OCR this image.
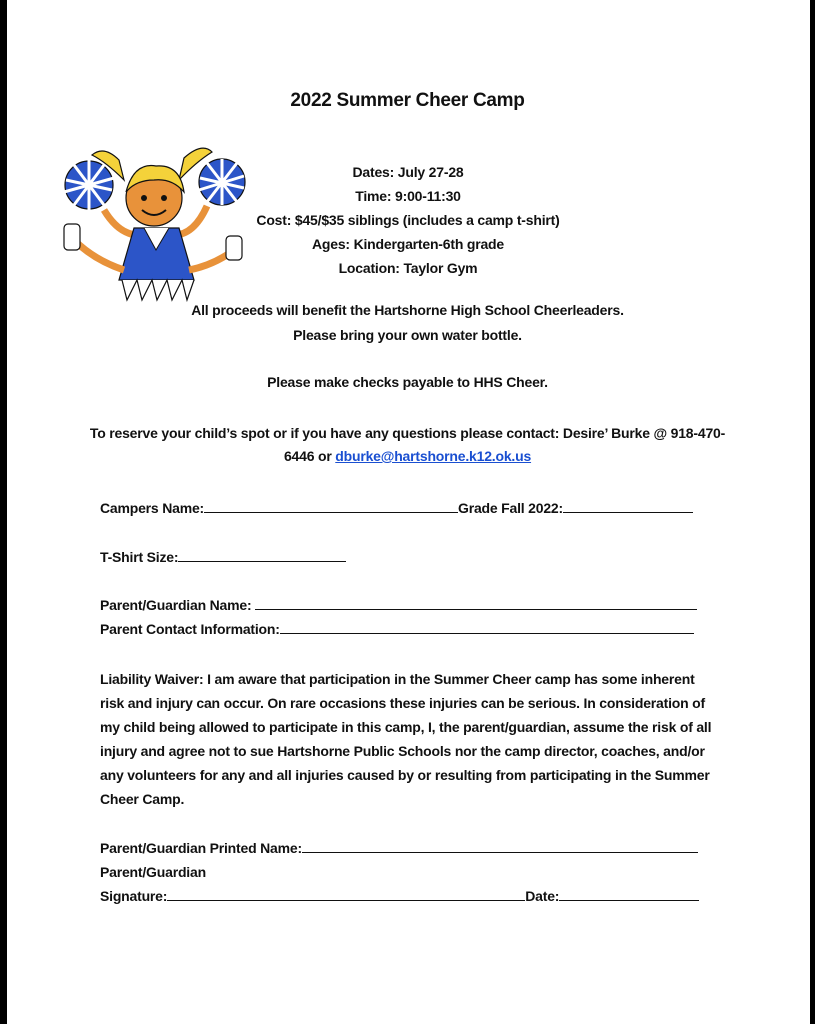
2022 Summer Cheer Camp
Dates: July 27-28
Time: 9:00-11:30
Cost: $45/$35 siblings (includes a camp t-shirt)
Ages: Kindergarten-6th grade
Location: Taylor Gym
All proceeds will benefit the Hartshorne High School Cheerleaders.
Please bring your own water bottle.
Please make checks payable to HHS Cheer.
To reserve your child’s spot or if you have any questions please contact: Desire’ Burke @ 918-470-6446 or dburke@hartshorne.k12.ok.us
Campers Name:	Grade Fall 2022:
T-Shirt Size:
Parent/Guardian Name:
Parent Contact Information:
Liability Waiver: I am aware that participation in the Summer Cheer camp has some inherent risk and injury can occur. On rare occasions these injuries can be serious. In consideration of my child being allowed to participate in this camp, I, the parent/guardian, assume the risk of all injury and agree not to sue Hartshorne Public Schools nor the camp director, coaches, and/or any volunteers for any and all injuries caused by or resulting from participating in the Summer Cheer Camp.
Parent/Guardian Printed Name:
Parent/Guardian
Signature:	Date:
